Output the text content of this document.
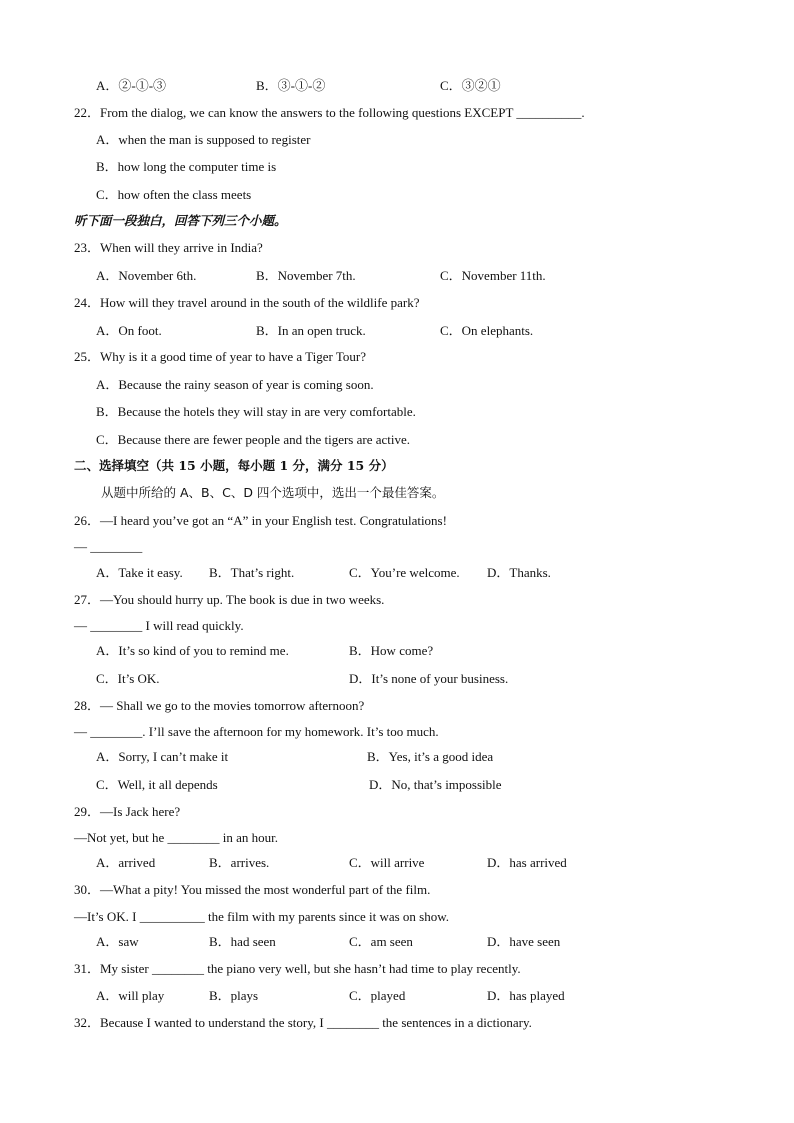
A．②-①-③	B．③-①-②	C．③②①
22．From the dialog, we can know the answers to the following questions EXCEPT __________.
A．when the man is supposed to register
B．how long the computer time is
C．how often the class meets
听下面一段独白，回答下列三个小题。
23．When will they arrive in India?
A．November 6th.	B．November 7th.	C．November 11th.
24．How will they travel around in the south of the wildlife park?
A．On foot.	B．In an open truck.	C．On elephants.
25．Why is it a good time of year to have a Tiger Tour?
A．Because the rainy season of year is coming soon.
B．Because the hotels they will stay in are very comfortable.
C．Because there are fewer people and the tigers are active.
二、选择填空（共 15 小题，每小题 1 分，满分 15 分）
从题中所给的 A、B、C、D 四个选项中，选出一个最佳答案。
26．—I heard you’ve got an “A” in your English test. Congratulations!
— ________
A．Take it easy. B．That’s right.	C．You’re welcome. D．Thanks.
27．—You should hurry up. The book is due in two weeks.
— ________ I will read quickly.
A．It’s so kind of you to remind me.	B．How come?
C．It’s OK.	D．It’s none of your business.
28．— Shall we go to the movies tomorrow afternoon?
— ________. I’ll save the afternoon for my homework. It’s too much.
A．Sorry, I can’t make it	B．Yes, it’s a good idea
C．Well, it all depends	D．No, that’s impossible
29．—Is Jack here?
—Not yet, but he ________ in an hour.
A．arrived	B．arrives.	C．will arrive	D．has arrived
30．—What a pity! You missed the most wonderful part of the film.
—It’s OK. I __________ the film with my parents since it was on show.
A．saw	B．had seen	C．am seen	D．have seen
31．My sister ________ the piano very well, but she hasn’t had time to play recently.
A．will play	B．plays	C．played	D．has played
32．Because I wanted to understand the story, I ________ the sentences in a dictionary.
